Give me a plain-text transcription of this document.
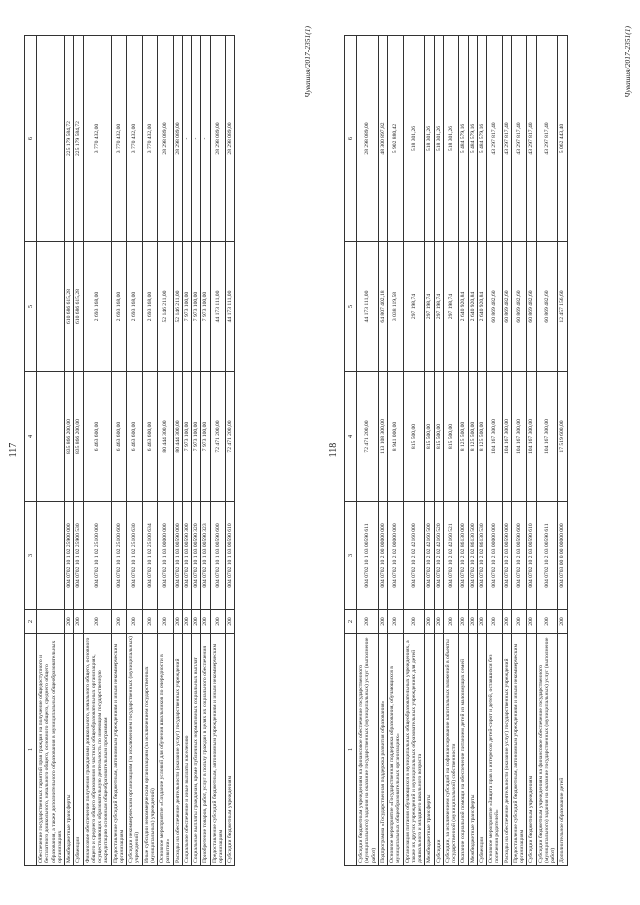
117
1	2	3	4	5	6
Обеспечение государственных гарантий прав граждан на получение общедоступного и бесплатного дошкольного, начального общего, основного общего, среднего общего образования, а также дополнительного образования в муниципальных общеобразовательных организациях					
Межбюджетные трансферты	200	004 0702 10 1 02 25900 000	835 866 200,00	610 686 615,28	225 179 584,72
Субвенции	200	004 0702 10 1 02 25900 530	835 866 200,00	610 686 615,28	225 179 584,72
Финансовое обеспечение получения гражданами дошкольного, начального общего, основного общего и среднего общего образования в частных общеобразовательных организациях, осуществляющих образовательную деятельность по имеющим государственную аккредитацию основным общеобразовательным программам	200	004 0702 10 1 02 25100 000	6 463 600,00	2 693 168,00	3 770 432,00
Предоставление субсидий бюджетным, автономным учреждениям и иным некоммерческим организациям	200	004 0702 10 1 02 25100 600	6 463 600,00	2 693 168,00	3 770 432,00
Субсидии некоммерческим организациям (за исключением государственных (муниципальных) учреждений)	200	004 0702 10 1 02 25100 630	6 463 600,00	2 693 168,00	3 770 432,00
Иные субсидии некоммерческим организациям (за исключением государственных (муниципальных) учреждений)	200	004 0702 10 1 02 25100 634	6 463 600,00	2 693 168,00	3 770 432,00
Основное мероприятие «Создание условий для обучения школьников по очередности в развитии»	200	004 0702 10 1 03 00000 000	80 444 300,00	52 146 211,00	28 298 089,00
Расходы на обеспечение деятельности (оказание услуг) государственных учреждений	200	004 0702 10 1 03 00590 000	80 444 300,00	52 146 211,00	28 298 089,00
Социальное обеспечение и иные выплаты населению	200	004 0702 10 1 03 00590 300	7 973 100,00	7 973 100,00	-
Социальные выплаты гражданам, кроме публичных нормативных социальных выплат	200	004 0702 10 1 03 00590 320	7 973 100,00	7 973 100,00	-
Приобретение товаров, работ, услуг в пользу граждан в целях их социального обеспечения	200	004 0702 10 1 03 00590 323	7 973 100,00	7 973 100,00	-
Предоставление субсидий бюджетным, автономным учреждениям и иным некоммерческим организациям	200	004 0702 10 1 03 00590 600	72 471 200,00	44 173 111,00	28 298 089,00
Субсидии бюджетным учреждениям	200	004 0702 10 1 03 00590 610	72 471 200,00	44 173 111,00	28 298 089,00
Чувашия/2017-2351(1)
118
1	2	3	4	5	6
Субсидии бюджетным учреждениям на финансовое обеспечение государственного (муниципального) задания на оказание государственных (муниципальных) услуг (выполнение работ)	200	004 0702 10 1 03 00590 611	72 471 200,00	44 173 111,00	28 298 089,00
Подпрограмма «Государственная поддержка развития образования»	200	004 0702 10 2 00 00000 000	113 108 300,00	64 807 402,18	48 300 897,82
Основное мероприятие «Государственная поддержка образования, обучающихся в муниципальных общеобразовательных организациях»	200	004 0702 10 2 02 00000 000	8 941 000,00	3 038 119,58	5 902 880,42
Организация питания обучающихся в муниципальных общеобразовательных учреждениях, а также их других учреждений и муниципальных образовательных учреждениях для детей дошкольного и младшего школьного возраста	200	004 0702 10 2 02 42160 000	815 500,00	297 198,74	518 301,26
Межбюджетные трансферты	200	004 0702 10 2 02 42160 500	815 500,00	297 198,74	518 301,26
Субсидии	200	004 0702 10 2 02 42160 520	815 500,00	297 198,74	518 301,26
Субсидии, за исключением субсидий на софинансирование капитальных вложений в объекты государственной (муниципальной) собственности	200	004 0702 10 2 02 42160 521	815 500,00	297 198,74	518 301,26
Оказание социальной помощи на обеспечение питанием детей из малоимущих семей	200	004 0702 10 2 02 86130 000	8 125 500,00	2 640 920,84	5 484 579,16
Межбюджетные трансферты	200	004 0702 10 2 02 86130 500	8 125 500,00	2 640 920,84	5 484 579,16
Субвенции	200	004 0702 10 2 02 86130 530	8 125 500,00	2 640 920,84	5 484 579,16
Основное мероприятие «Защита прав и интересов детей-сирот и детей, оставшихся без попечения родителей»	200	004 0702 10 2 03 00000 000	104 167 300,00	60 869 482,60	43 297 817,40
Расходы на обеспечение деятельности (оказание услуг) государственных учреждений	200	004 0702 10 2 03 00590 000	104 167 300,00	60 869 482,60	43 297 817,40
Предоставление субсидий бюджетным, автономным учреждениям и иным некоммерческим организациям	200	004 0702 10 2 03 00590 600	104 167 300,00	60 869 482,60	43 297 817,40
Субсидии бюджетным учреждениям	200	004 0702 10 2 03 00590 610	104 167 300,00	60 869 482,60	43 297 817,40
Субсидии бюджетным учреждениям на финансовое обеспечение государственного (муниципального) задания на оказание государственных (муниципальных) услуг (выполнение работ)	200	004 0702 10 2 03 00590 611	104 167 300,00	60 869 482,60	43 297 817,40
Дополнительное образование детей	200	004 0703 00 0 00 00000 000	17 519 600,00	12 457 156,60	5 062 443,40
Чувашия/2017-2351(1)
